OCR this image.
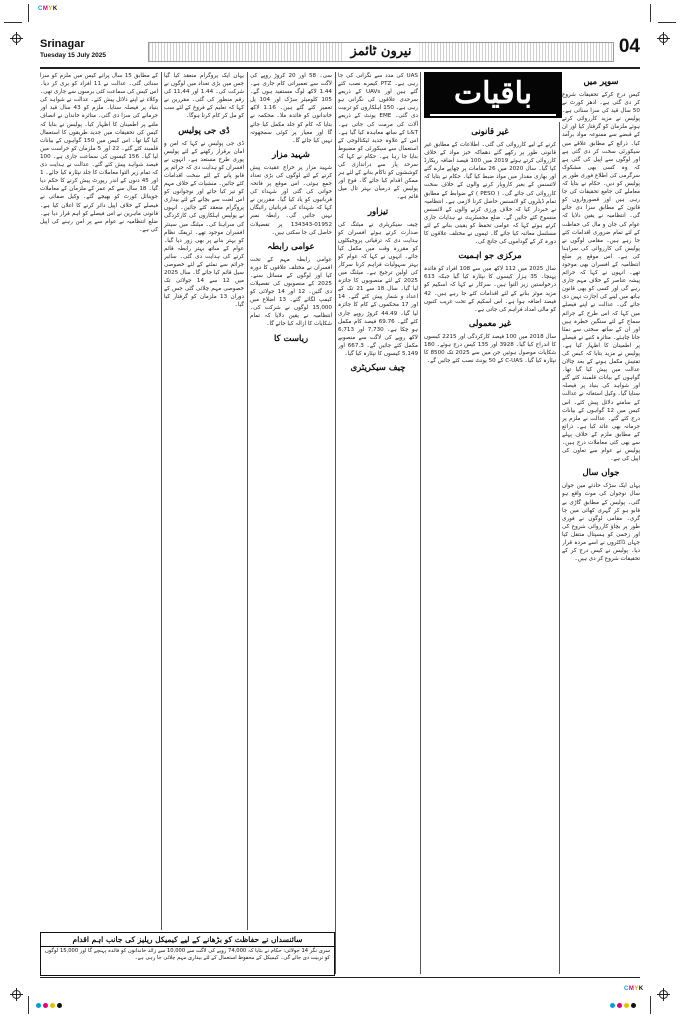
CMYK
CMYK
Srinagar
Tuesday 15 July 2025	نیرون ٹائمز	04
باقیات	سوپر میں

کیس درج کرکے تحقیقات شروع کر دی گئی ہے۔ ادھر کورٹ نے 50 سال قید کی سزا سنائی ہے۔ پولیس نے مزید کارروائی کرتے ہوئے ملزمان کو گرفتار کیا اور ان کے قبضے سے ممنوعہ مواد برآمد کیا۔ ذرائع کے مطابق علاقے میں سیکورٹی سخت کر دی گئی ہے اور لوگوں سے اپیل کی گئی ہے کہ وہ کسی بھی مشکوک سرگرمی کی اطلاع فوری طور پر پولیس کو دیں۔ حکام نے بتایا کہ معاملے کی جامع تحقیقات کی جا رہی ہیں اور قصورواروں کو قانون کے مطابق سزا دی جائے گی۔ انتظامیہ نے یقین دلایا کہ عوام کی جان و مال کی حفاظت کے لئے تمام ضروری اقدامات کئے جا رہے ہیں۔ مقامی لوگوں نے پولیس کی کارروائی کی سراہنا کی ہے۔ اس موقع پر ضلع انتظامیہ کے افسران بھی موجود تھے۔ انہوں نے کہا کہ جرائم پیشہ عناصر کے خلاف مہم جاری رہے گی اور کسی کو بھی قانون ہاتھ میں لینے کی اجازت نہیں دی جائے گی۔ عدالت نے اپنے فیصلے میں کہا کہ اس طرح کے جرائم سماج کے لئے سنگین خطرہ ہیں اور ان کے ساتھ سختی سے نمٹا جانا چاہئے۔ متاثرہ کنبے نے فیصلے پر اطمینان کا اظہار کیا ہے۔ پولیس نے مزید بتایا کہ کیس کی تفتیش مکمل ہونے کے بعد چالان عدالت میں پیش کیا گیا تھا۔ گواہوں کے بیانات قلمبند کئے گئے اور شواہد کی بنیاد پر فیصلہ سنایا گیا۔ وکیل استغاثہ نے عدالت کے سامنے دلائل پیش کئے۔ اس کیس میں 12 گواہوں کے بیانات درج کئے گئے۔ عدالت نے ملزم پر جرمانہ بھی عائد کیا ہے۔ ذرائع کے مطابق ملزم کے خلاف پہلے سے بھی کئی معاملات درج ہیں۔ پولیس نے عوام سے تعاون کی اپیل کی ہے۔

جواں سال

یہاں ایک سڑک حادثے میں جواں سال نوجوان کی موت واقع ہو گئی۔ پولیس کے مطابق گاڑی بے قابو ہو کر گہری کھائی میں جا گری۔ مقامی لوگوں نے فوری طور پر بچاؤ کارروائی شروع کی اور زخمی کو ہسپتال منتقل کیا جہاں ڈاکٹروں نے اسے مردہ قرار دیا۔ پولیس نے کیس درج کر کے تحقیقات شروع کر دی ہیں۔

غیر قانونی

کرنے کے لیے کارروائی کی گئی۔ اطلاعات کے مطابق غیر قانونی طور پر رکھے گئے دھماکہ خیز مواد کے خلاف کارروائی کرتے ہوئے 2019 میں 100 فیصد اضافہ ریکارڈ کیا گیا۔ سال 2020 میں 26 مقامات پر چھاپے مارے گئے اور بھاری مقدار میں مواد ضبط کیا گیا۔ حکام نے بتایا کہ لائسنس کے بغیر کاروبار کرنے والوں کے خلاف سخت کارروائی کی جائے گی۔ ( PESO ) کے ضوابط کے مطابق تمام ڈیلروں کو لائسنس حاصل کرنا لازمی ہے۔ انتظامیہ نے خبردار کیا کہ خلاف ورزی کرنے والوں کے لائسنس منسوخ کئے جائیں گے۔ ضلع مجسٹریٹ نے ہدایات جاری کرتے ہوئے کہا کہ عوامی تحفظ کو یقینی بنانے کے لئے مسلسل معائنہ کیا جائے گا۔ ٹیموں نے مختلف علاقوں کا دورہ کر کے گوداموں کی جانچ کی۔

مرکزی جو اہمیت

سال 2025 میں 112 لاکھ میں سے 108 افراد کو فائدہ پہنچا۔ 35 ہزار کیسوں کا نپٹارہ کیا گیا جبکہ 613 درخواستیں زیر التوا ہیں۔ سرکار نے کہا کہ اسکیم کو مزید موثر بنانے کے لئے اقدامات کئے جا رہے ہیں۔ 42 فیصد اضافہ ہوا ہے۔ اس اسکیم کے تحت غریب کنبوں کو مالی امداد فراہم کی جاتی ہے۔

غیر معمولی

سال 2018 میں 100 فیصد کارکردگی اور 2215 کیسوں کا اندراج کیا گیا۔ 3928 اور 135 کیس درج ہوئے۔ 180 شکایات موصول ہوئیں جن میں سے 2025 تک 8500 کا نپٹارہ کیا گیا۔ C-UAS کے 50 یونٹ نصب کئے جائیں گے۔

UAS کی مدد سے نگرانی کی جا رہی ہے۔ PTZ کیمرے نصب کئے گئے ہیں اور UAVs کے ذریعے سرحدی علاقوں کی نگرانی ہو رہی ہے۔ 150 اہلکاروں کو تربیت دی گئی۔ EME یونٹ کے ذریعے آلات کی مرمت کی جاتی ہے۔ L&T کے ساتھ معاہدہ کیا گیا ہے۔ اس کے علاوہ جدید ٹیکنالوجی کے استعمال سے سیکورٹی کو مضبوط بنایا جا رہا ہے۔ حکام نے کہا کہ سرحد پار سے دراندازی کی کوششوں کو ناکام بنانے کے لئے ہر ممکن اقدام کیا جائے گا۔ فوج اور پولیس کے درمیان بہتر تال میل قائم ہے۔

تیزاور

چیف سیکریٹری نے میٹنگ کی صدارت کرتے ہوئے افسران کو ہدایت دی کہ ترقیاتی پروجیکٹوں کو مقررہ وقت میں مکمل کیا جائے۔ انہوں نے کہا کہ عوام کو بہتر سہولیات فراہم کرنا سرکار کی اولین ترجیح ہے۔ میٹنگ میں 2025 کے لئے منصوبوں کا جائزہ لیا گیا۔ سال 18 سے 21 تک کے اعداد و شمار پیش کئے گئے۔ 14 اور 17 محکموں کے کام کا جائزہ لیا گیا۔ 44.49 کروڑ روپے جاری کئے گئے۔ 69.76 فیصد کام مکمل ہو چکا ہے۔ 7,730 اور 6,713 لاکھ روپے کی لاگت سے منصوبے مکمل کئے جائیں گے۔ 667.3 اور 5,149 کیسوں کا نپٹارہ کیا گیا۔

چیف سیکریٹری

سی۔ 58 اور 20 کروڑ روپے کی لاگت سے تعمیراتی کام جاری ہے۔ 1.44 لاکھ لوگ مستفید ہوں گے۔ 105 کلومیٹر سڑک اور 104 پل تعمیر کئے گئے ہیں۔ 1.16 لاکھ خاندانوں کو فائدہ ملا۔ محکمہ نے بتایا کہ کام کو جلد مکمل کیا جائے گا اور معیار پر کوئی سمجھوتہ نہیں کیا جائے گا۔

شہید مزار

شہید مزار پر خراج عقیدت پیش کرنے کے لئے لوگوں کی بڑی تعداد جمع ہوئی۔ اس موقع پر فاتحہ خوانی کی گئی اور شہداء کی قربانیوں کو یاد کیا گیا۔ مقررین نے کہا کہ شہداء کی قربانیاں رائیگاں نہیں جائیں گی۔ رابطہ نمبر 01952-134343 پر تفصیلات حاصل کی جا سکتی ہیں۔

عوامی رابطہ

عوامی رابطہ مہم کے تحت افسران نے مختلف علاقوں کا دورہ کیا اور لوگوں کے مسائل سنے۔ 2025 کے منصوبوں کی تفصیلات دی گئیں۔ 12 اور 14 جولائی کو کیمپ لگائے گئے۔ 13 اضلاع میں 15,000 لوگوں نے شرکت کی۔ انتظامیہ نے یقین دلایا کہ تمام شکایات کا ازالہ کیا جائے گا۔

ریاست کا

یہاں ایک پروگرام منعقد کیا گیا جس میں بڑی تعداد میں لوگوں نے شرکت کی۔ 1.44 اور 11,44 کی رقم منظور کی گئی۔ مقررین نے کہا کہ تعلیم کے فروغ کے لئے سب کو مل کر کام کرنا ہوگا۔

ڈی جی پولیس

ڈی جی پولیس نے کہا کہ امن و امان برقرار رکھنے کے لئے پولیس پوری طرح مستعد ہے۔ انہوں نے افسران کو ہدایت دی کہ جرائم پر قابو پانے کے لئے سخت اقدامات کئے جائیں۔ منشیات کے خلاف مہم کو تیز کیا جائے اور نوجوانوں کو اس لعنت سے بچانے کے لئے بیداری پروگرام منعقد کئے جائیں۔ انہوں نے پولیس اہلکاروں کی کارکردگی کی سراہنا کی۔ میٹنگ میں سینئر افسران موجود تھے۔ ٹریفک نظام کو بہتر بنانے پر بھی زور دیا گیا۔ عوام کے ساتھ بہتر رابطہ قائم کرنے کی ہدایت دی گئی۔ سائبر جرائم سے نمٹنے کے لئے خصوصی سیل قائم کیا جائے گا۔ سال 2025 میں 12 سے 14 جولائی تک خصوصی مہم چلائی گئی جس کے دوران 13 ملزمان کو گرفتار کیا گیا۔

کے مطابق 15 سال پرانے کیس میں ملزم کو سزا سنائی گئی۔ عدالت نے 11 افراد کو بری کر دیا۔ اس کیس کی سماعت کئی برسوں سے جاری تھی۔ وکلاء نے اپنے دلائل پیش کئے۔ عدالت نے شواہد کی بنیاد پر فیصلہ سنایا۔ ملزم کو 43 سال قید اور جرمانے کی سزا دی گئی۔ متاثرہ خاندان نے انصاف ملنے پر اطمینان کا اظہار کیا۔ پولیس نے بتایا کہ کیس کی تحقیقات میں جدید طریقوں کا استعمال کیا گیا تھا۔ اس کیس میں 150 گواہوں کے بیانات قلمبند کئے گئے۔ 22 اور 5 ملزمان کو حراست میں لیا گیا۔ 156 کیسوں کی سماعت جاری ہے۔ 100 فیصد شواہد پیش کئے گئے۔ عدالت نے ہدایت دی کہ تمام زیر التوا معاملات کا جلد نپٹارہ کیا جائے۔ 1 اور 45 دنوں کے اندر رپورٹ پیش کرنے کا حکم دیا گیا۔ 18 سال سے کم عمر کے ملزمان کے معاملات جوینائل کورٹ کو بھیجے گئے۔ وکیل صفائی نے فیصلے کے خلاف اپیل دائر کرنے کا اعلان کیا ہے۔ قانونی ماہرین نے اس فیصلے کو اہم قرار دیا ہے۔ ضلع انتظامیہ نے عوام سے پر امن رہنے کی اپیل کی ہے۔

سائنسداں نے حفاظت کو بڑھانے کے لیے کیمیکل ریلیز کی جانب اہم اقدام
سری نگر 14 جولائی: حکام نے بتایا کہ 74,000 روپے کی لاگت سے 10,000 سے زائد خاندانوں کو فائدہ پہنچے گا اور 15,000 لوگوں کو تربیت دی جائے گی۔ کیمیکل کے محفوظ استعمال کے لئے بیداری مہم چلائی جا رہی ہے۔
